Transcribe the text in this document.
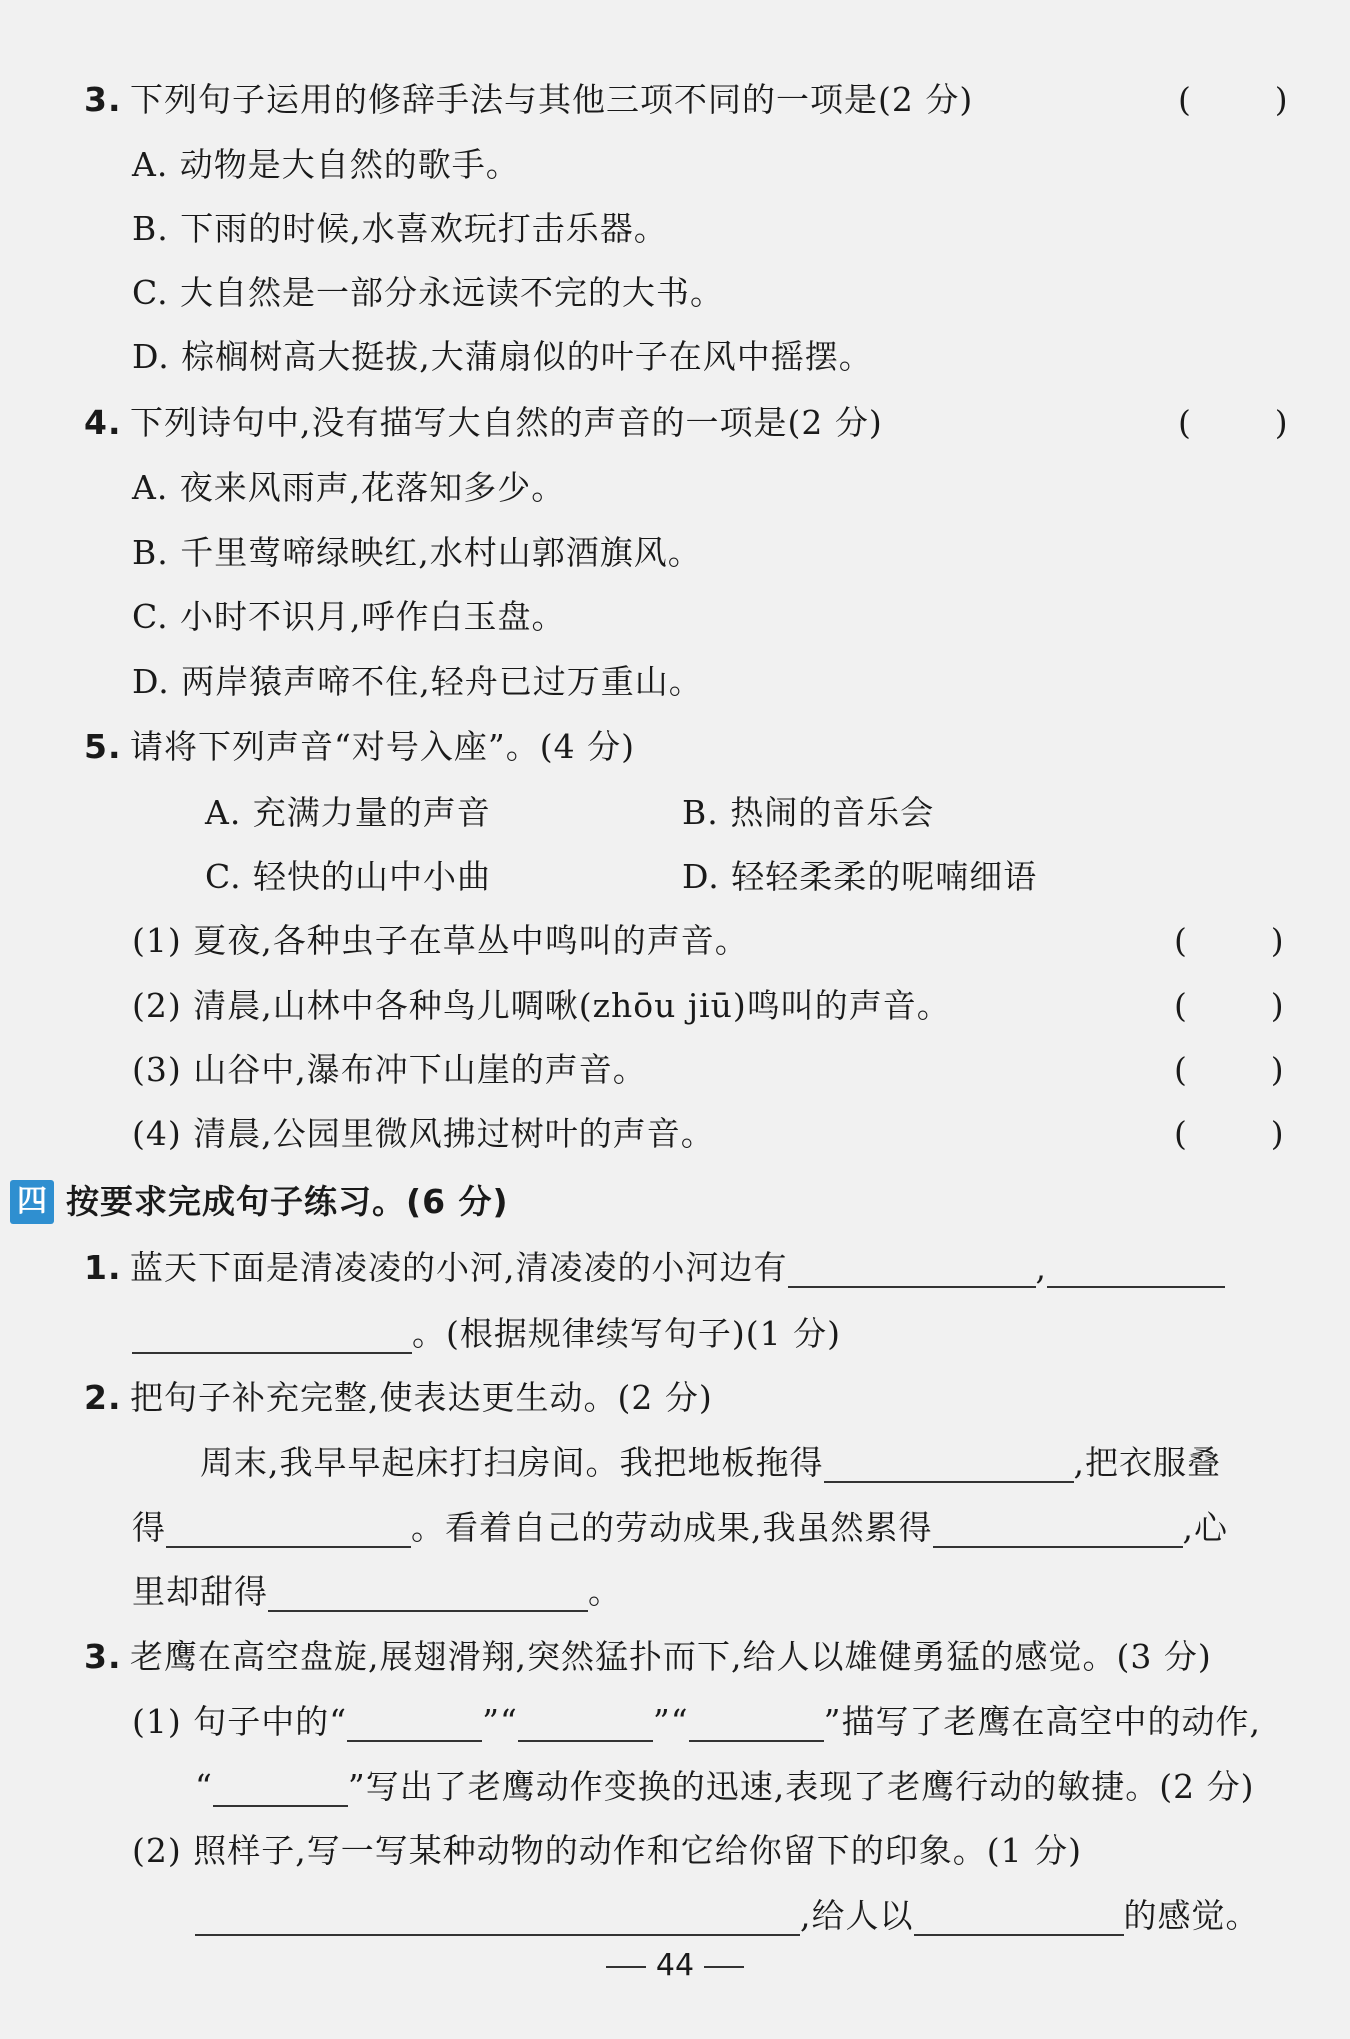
3. 下列句子运用的修辞手法与其他三项不同的一项是(2 分)	(        )
A. 动物是大自然的歌手。
B. 下雨的时候,水喜欢玩打击乐器。
C. 大自然是一部分永远读不完的大书。
D. 棕榈树高大挺拔,大蒲扇似的叶子在风中摇摆。
4. 下列诗句中,没有描写大自然的声音的一项是(2 分)	(        )
A. 夜来风雨声,花落知多少。
B. 千里莺啼绿映红,水村山郭酒旗风。
C. 小时不识月,呼作白玉盘。
D. 两岸猿声啼不住,轻舟已过万重山。
5. 请将下列声音“对号入座”。(4 分)
A. 充满力量的声音	B. 热闹的音乐会
C. 轻快的山中小曲	D. 轻轻柔柔的呢喃细语
(1) 夏夜,各种虫子在草丛中鸣叫的声音。	(        )
(2) 清晨,山林中各种鸟儿啁啾(zhōu jiū)鸣叫的声音。	(        )
(3) 山谷中,瀑布冲下山崖的声音。	(        )
(4) 清晨,公园里微风拂过树叶的声音。	(        )
四 按要求完成句子练习。(6 分)
1. 蓝天下面是清凌凌的小河,清凌凌的小河边有	,
。(根据规律续写句子)(1 分)
2. 把句子补充完整,使表达更生动。(2 分)
周末,我早早起床打扫房间。我把地板拖得	,把衣服叠
得	。看着自己的劳动成果,我虽然累得	,心
里却甜得	。
3. 老鹰在高空盘旋,展翅滑翔,突然猛扑而下,给人以雄健勇猛的感觉。(3 分)
(1) 句子中的“	”“	”“	”描写了老鹰在高空中的动作,
“	”写出了老鹰动作变换的迅速,表现了老鹰行动的敏捷。(2 分)
(2) 照样子,写一写某种动物的动作和它给你留下的印象。(1 分)
,给人以	的感觉。
44
